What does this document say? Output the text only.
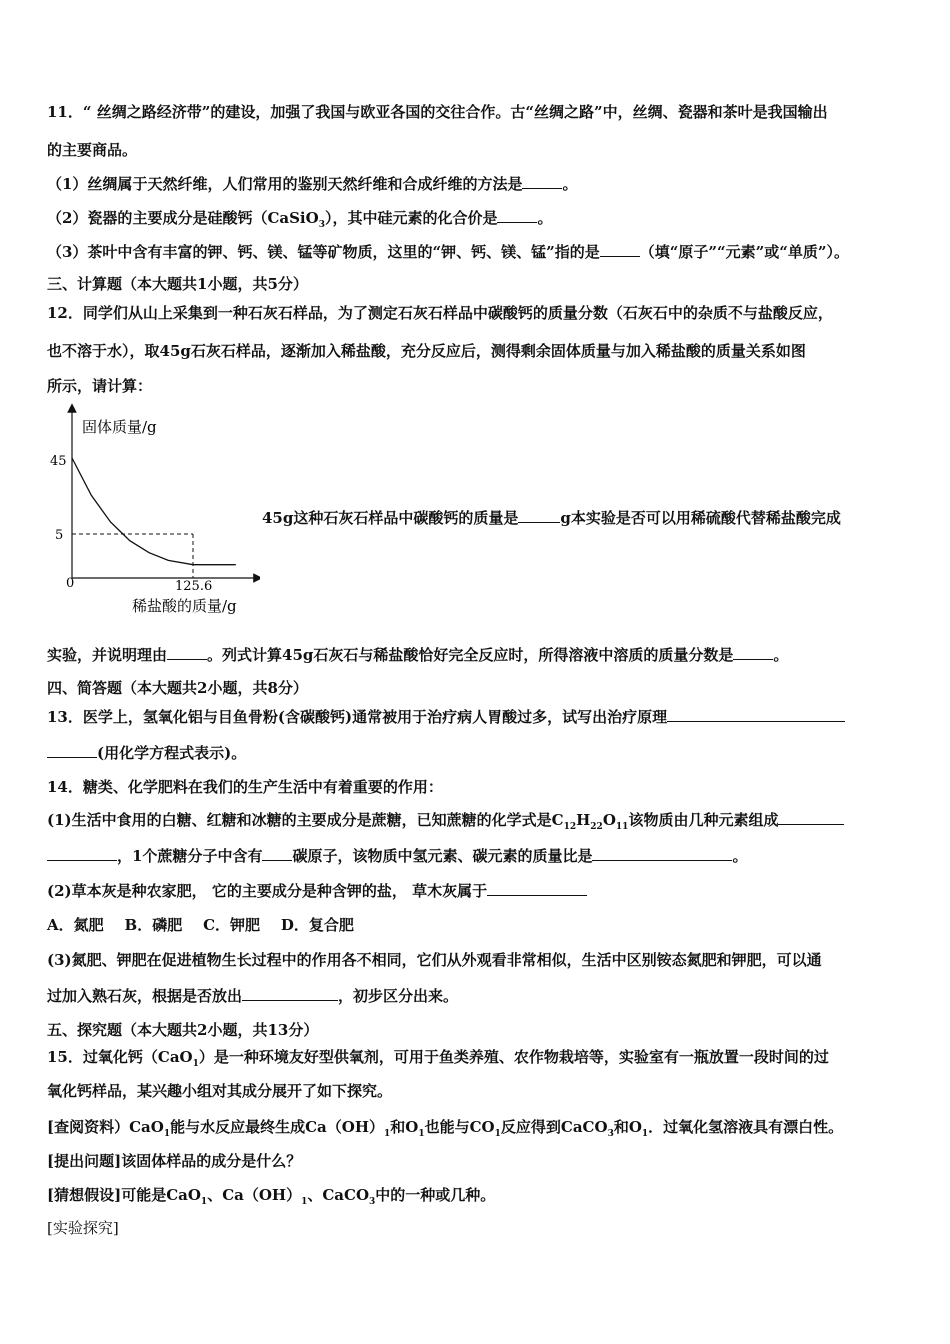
11．“ 丝绸之路经济带”的建设，加强了我国与欧亚各国的交往合作。古“丝绸之路”中，丝绸、瓷器和茶叶是我国输出
的主要商品。
（1）丝绸属于天然纤维，人们常用的鉴别天然纤维和合成纤维的方法是	。
（2）瓷器的主要成分是硅酸钙（CaSiO$_3$），其中硅元素的化合价是	。
（3）茶叶中含有丰富的钾、钙、镁、锰等矿物质，这里的“钾、钙、镁、锰”指的是	（填“原子”“元素”或“单质”）。
三、计算题（本大题共1小题，共5分）
12．同学们从山上采集到一种石灰石样品，为了测定石灰石样品中碳酸钙的质量分数（石灰石中的杂质不与盐酸反应，
也不溶于水），取45g石灰石样品，逐渐加入稀盐酸，充分反应后，测得剩余固体质量与加入稀盐酸的质量关系如图
所示，请计算：
固体质量/g
稀盐酸的质量/g
0
45
5
125.6
45g这种石灰石样品中碳酸钙的质量是	g本实验是否可以用稀硫酸代替稀盐酸完成
实验，并说明理由	。列式计算45g石灰石与稀盐酸恰好完全反应时，所得溶液中溶质的质量分数是	。
四、简答题（本大题共2小题，共8分）
13．医学上，氢氧化铝与目鱼骨粉(含碳酸钙)通常被用于治疗病人胃酸过多，试写出治疗原理
(用化学方程式表示)。
14．糖类、化学肥料在我们的生产生活中有着重要的作用：
(1)生活中食用的白糖、红糖和冰糖的主要成分是蔗糖，已知蔗糖的化学式是$C_{12}H_{22}O_{11}$该物质由几种元素组成
，1个蔗糖分子中含有 碳原子，该物质中氢元素、碳元素的质量比是	。
(2)草本灰是种农家肥， 它的主要成分是种含钾的盐， 草木灰属于
A．氮肥    B．磷肥    C．钾肥    D．复合肥
(3)氮肥、钾肥在促进植物生长过程中的作用各不相同，它们从外观看非常相似，生活中区别铵态氮肥和钾肥，可以通
过加入熟石灰，根据是否放出	，初步区分出来。
五、探究题（本大题共2小题，共13分）
15．过氧化钙（CaO$_1$）是一种环境友好型供氧剂，可用于鱼类养殖、农作物栽培等，实验室有一瓶放置一段时间的过
氧化钙样品，某兴趣小组对其成分展开了如下探究。
[查阅资料）CaO$_1$能与水反应最终生成$Ca(OH)_1$和$O_1$也能与$CO_1$反应得到CaCO$_3$和$O_1$．过氧化氢溶液具有漂白性。
[提出问题]该固体样品的成分是什么？
[猜想假设]可能是CaO$_1$、$Ca(OH)_1$、CaCO$_3$中的一种或几种。
[实验探究]
